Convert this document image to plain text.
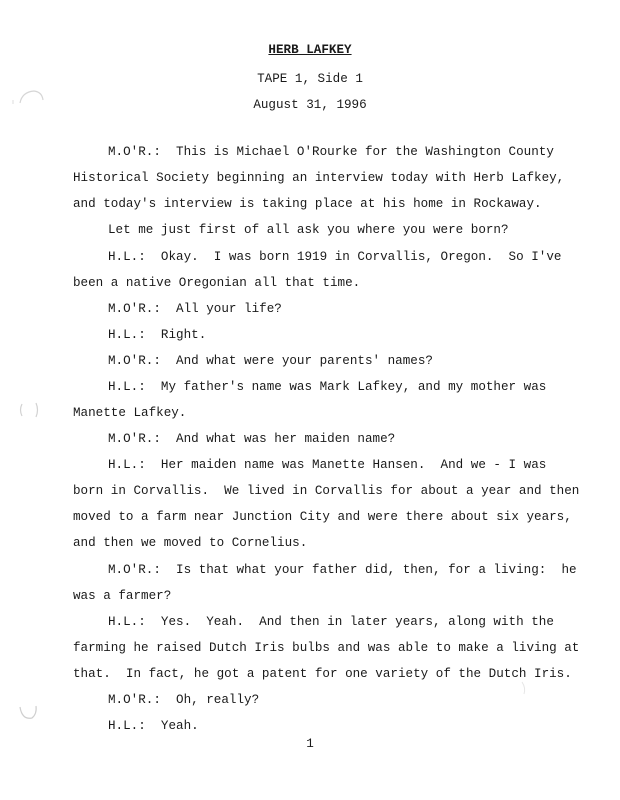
HERB LAFKEY
TAPE 1, Side 1
August 31, 1996
M.O'R.:  This is Michael O'Rourke for the Washington County
Historical Society beginning an interview today with Herb Lafkey,
and today's interview is taking place at his home in Rockaway.
Let me just first of all ask you where you were born?
H.L.:  Okay.  I was born 1919 in Corvallis, Oregon.  So I've
been a native Oregonian all that time.
M.O'R.:  All your life?
H.L.:  Right.
M.O'R.:  And what were your parents' names?
H.L.:  My father's name was Mark Lafkey, and my mother was
Manette Lafkey.
M.O'R.:  And what was her maiden name?
H.L.:  Her maiden name was Manette Hansen.  And we - I was
born in Corvallis.  We lived in Corvallis for about a year and then
moved to a farm near Junction City and were there about six years,
and then we moved to Cornelius.
M.O'R.:  Is that what your father did, then, for a living:  he
was a farmer?
H.L.:  Yes.  Yeah.  And then in later years, along with the
farming he raised Dutch Iris bulbs and was able to make a living at
that.  In fact, he got a patent for one variety of the Dutch Iris.
M.O'R.:  Oh, really?
H.L.:  Yeah.
1
